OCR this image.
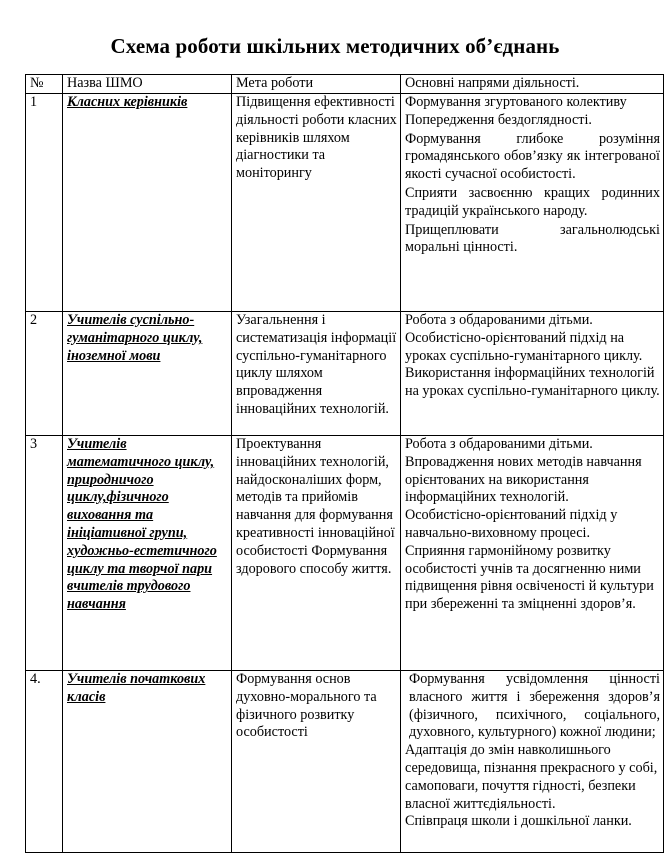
Схема роботи шкільних методичних об’єднань
№	Назва ШМО	Мета роботи	Основні напрями діяльності.
1	Класних керівників	Підвищення ефективності діяльності роботи класних керівників шляхом діагностики та моніторингу	Формування згуртованого колективу Попередження бездоглядності.
Формування глибоке розуміння громадянського обов’язку як інтегрованої якості сучасної особистості.
Сприяти засвоєнню кращих родинних традицій українського народу.
Прищеплювати загальнолюдські моральні цінності.

2	Учителів суспільно-гуманітарного циклу, іноземної мови	Узагальнення і систематизація інформації суспільно-гуманітарного циклу шляхом впровадження інноваційних технологій.	Робота з обдарованими дітьми.
Особистісно-орієнтований підхід на уроках суспільно-гуманітарного циклу.
Використання інформаційних технологій на уроках суспільно-гуманітарного циклу.

3	Учителів математичного циклу, природничого циклу,фізичного виховання та ініціативної групи, художньо-естетичного циклу та творчої пари вчителів трудового навчання	Проектування інноваційних технологій, найдосконаліших форм, методів та прийомів навчання для формування креативності інноваційної особистості Формування здорового способу життя.	Робота з обдарованими дітьми.
Впровадження нових методів навчання орієнтованих на використання інформаційних технологій.
Особистісно-орієнтований підхід у навчально-виховному процесі.
Сприяння гармонійному розвитку особистості учнів та досягненню ними підвищення рівня освіченості й культури при збереженні та зміцненні здоров’я.

4.	Учителів початкових класів	Формування основ духовно-морального та фізичного розвитку особистості	Формування усвідомлення цінності власного життя і збереження здоров’я (фізичного, психічного, соціального, духовного, культурного) кожної людини;
Адаптація до змін навколишнього середовища, пізнання прекрасного у собі, самоповаги, почуття гідності, безпеки власної життєдіяльності.
Співпраця школи і дошкільної ланки.
